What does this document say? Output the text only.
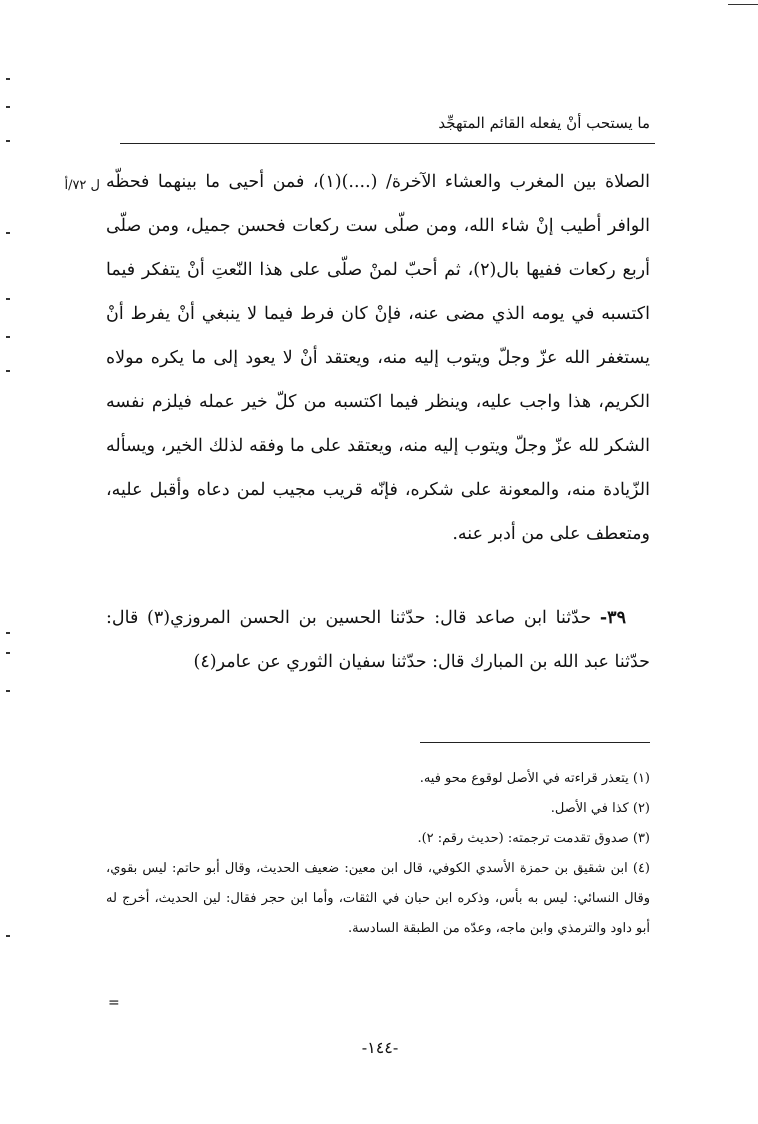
ما يستحب أنْ يفعله القائم المتهجِّد
ل ٧٢/أ الصلاة بين المغرب والعشاء الآخرة/ (....)(١)، فمن أحيى ما بينهما فحظّه الوافر أطيب إنْ شاء الله، ومن صلّى ست ركعات فحسن جميل، ومن صلّى أربع ركعات ففيها بال(٢)، ثم أحبّ لمنْ صلّى على هذا النّعتِ أنْ يتفكر فيما اكتسبه في يومه الذي مضى عنه، فإنْ كان فرط فيما لا ينبغي أنْ يفرط أنْ يستغفر الله عزّ وجلّ ويتوب إليه منه، ويعتقد أنْ لا يعود إلى ما يكره مولاه الكريم، هذا واجب عليه، وينظر فيما اكتسبه من كلّ خير عمله فيلزم نفسه الشكر لله عزّ وجلّ ويتوب إليه منه، ويعتقد على ما وفقه لذلك الخير، ويسأله الزّيادة منه، والمعونة على شكره، فإنّه قريب مجيب لمن دعاه وأقبل عليه، ومتعطف على من أدبر عنه.

٣٩- حدّثنا ابن صاعد قال: حدّثنا الحسين بن الحسن المروزي(٣) قال: حدّثنا عبد الله بن المبارك قال: حدّثنا سفيان الثوري عن عامر(٤)

(١) يتعذر قراءته في الأصل لوقوع محو فيه.

(٢) كذا في الأصل.

(٣) صدوق تقدمت ترجمته: (حديث رقم: ٢).

(٤) ابن شقيق بن حمزة الأسدي الكوفي، قال ابن معين: ضعيف الحديث، وقال أبو حاتم: ليس بقوي، وقال النسائي: ليس به بأس، وذكره ابن حبان في الثقات، وأما ابن حجر فقال: لين الحديث، أخرج له أبو داود والترمذي وابن ماجه، وعدّه من الطبقة السادسة.

=
-١٤٤-
